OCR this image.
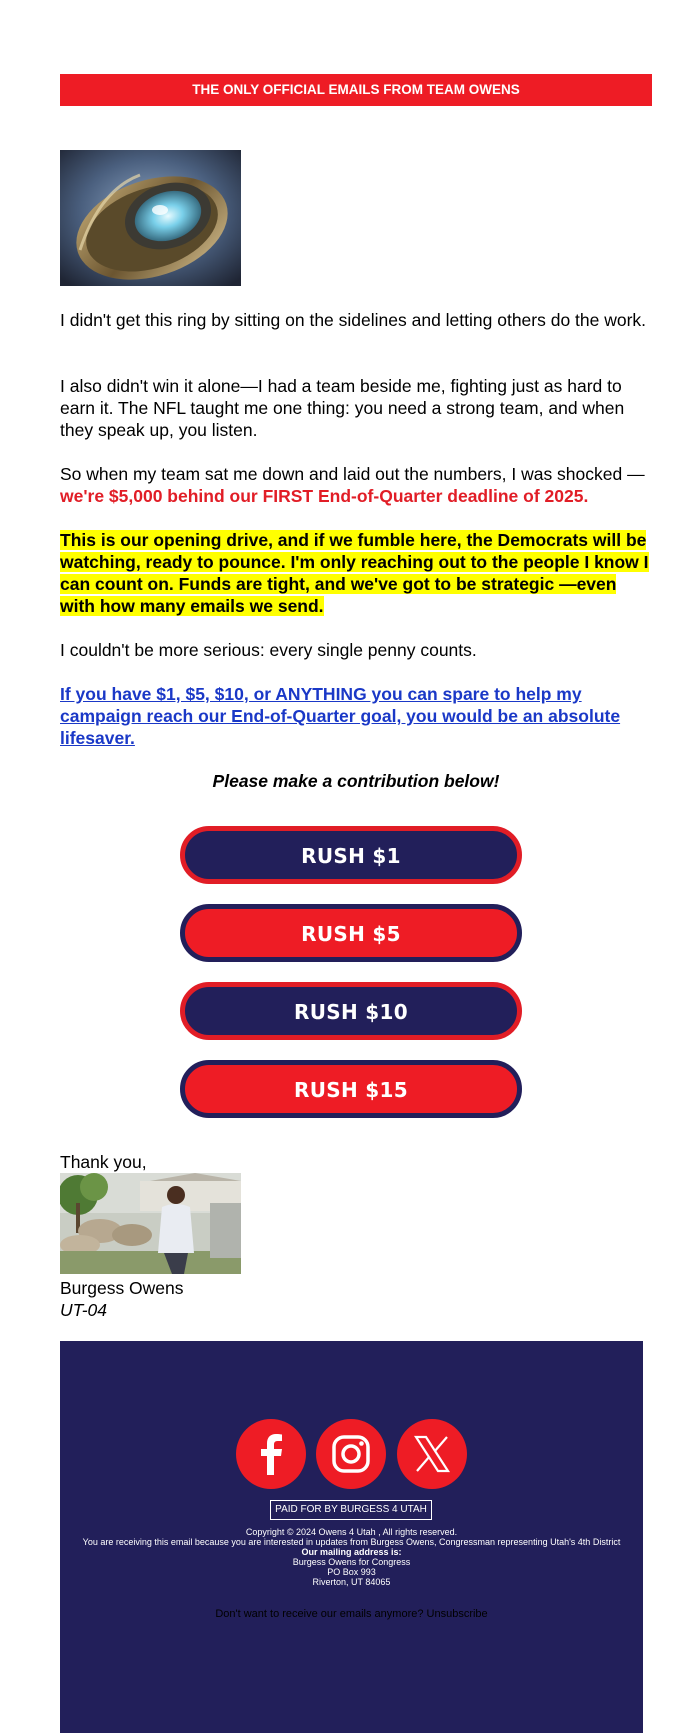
THE ONLY OFFICIAL EMAILS FROM TEAM OWENS

I didn't get this ring by sitting on the sidelines and letting others do the work.

I also didn't win it alone—I had a team beside me, fighting just as hard to earn it. The NFL taught me one thing: you need a strong team, and when they speak up, you listen.

So when my team sat me down and laid out the numbers, I was shocked — we're $5,000 behind our FIRST End-of-Quarter deadline of 2025.

This is our opening drive, and if we fumble here, the Democrats will be watching, ready to pounce. I'm only reaching out to the people I know I can count on. Funds are tight, and we've got to be strategic —even with how many emails we send.

I couldn't be more serious: every single penny counts.

If you have $1, $5, $10, or ANYTHING you can spare to help my campaign reach our End-of-Quarter goal, you would be an absolute lifesaver.

Please make a contribution below!

RUSH $1
RUSH $5
RUSH $10
RUSH $15

Thank you,

Burgess Owens

UT-04

PAID FOR BY BURGESS 4 UTAH

Copyright © 2024 Owens 4 Utah , All rights reserved.

You are receiving this email because you are interested in updates from Burgess Owens, Congressman representing Utah's 4th District

Our mailing address is:

Burgess Owens for Congress

PO Box 993

Riverton, UT 84065

Don't want to receive our emails anymore? Unsubscribe
